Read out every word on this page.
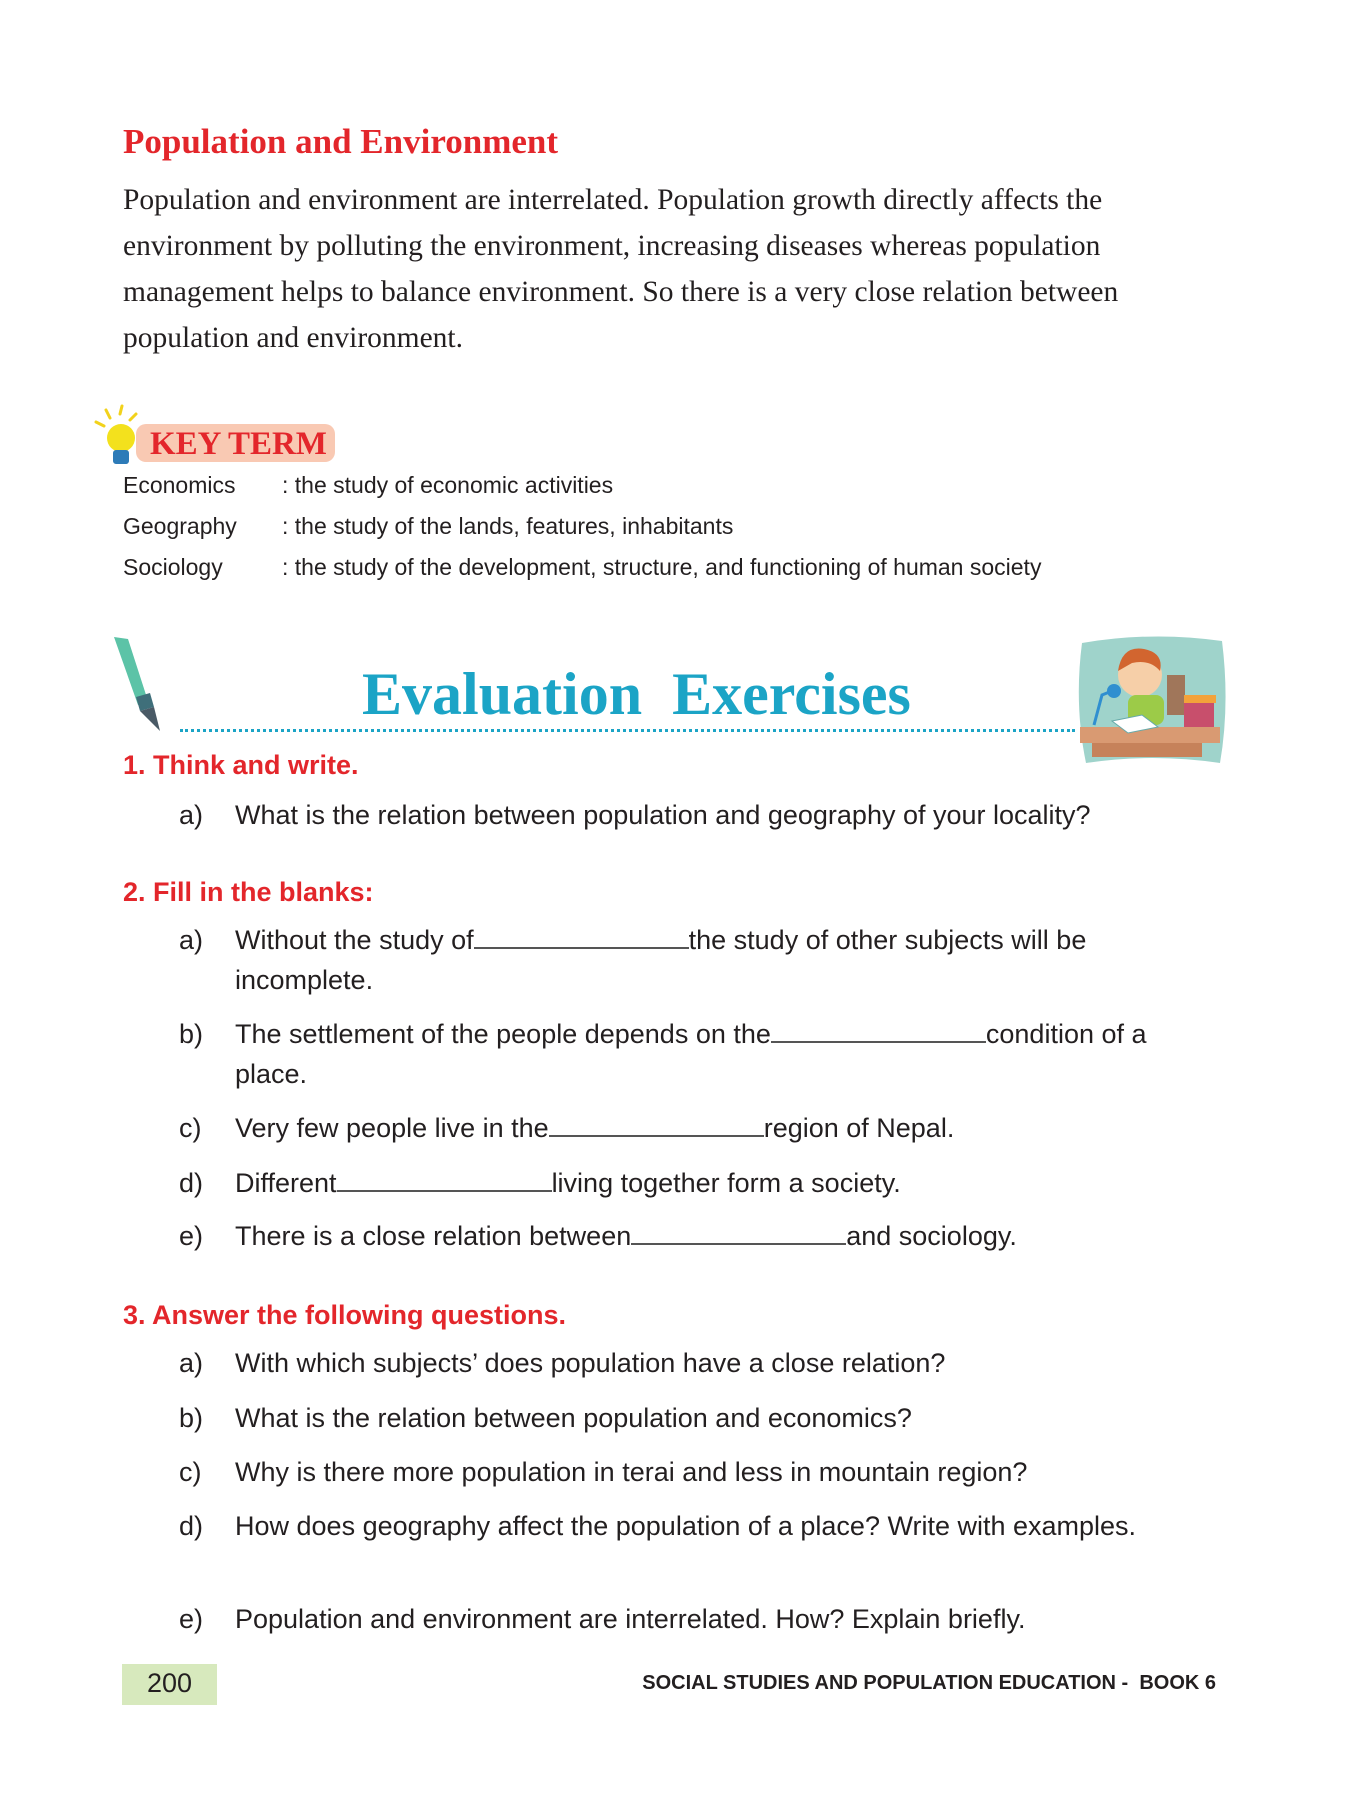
Population and Environment
Population and environment are interrelated. Population growth directly affects the environment by polluting the environment, increasing diseases whereas population management helps to balance environment. So there is a very close relation between population and environment.
KEY TERM
Economics : the study of economic activities
Geography : the study of the lands, features, inhabitants
Sociology	: the study of the development, structure, and functioning of human society
Evaluation  Exercises
1. Think and write.
a) What is the relation between population and geography of your locality?
2. Fill in the blanks:
a) Without the study of	the study of other subjects will be incomplete.
b) The settlement of the people depends on the	condition of a place.
c) Very few people live in the	region of Nepal.
d) Different	living together form a society.
e) There is a close relation between	and sociology.
3. Answer the following questions.
a) With which subjects’ does population have a close relation?
b) What is the relation between population and economics?
c) Why is there more population in terai and less in mountain region?
d) How does geography affect the population of a place? Write with examples.
e) Population and environment are interrelated. How? Explain briefly.
200	SOCIAL STUDIES AND POPULATION EDUCATION -  BOOK 6
